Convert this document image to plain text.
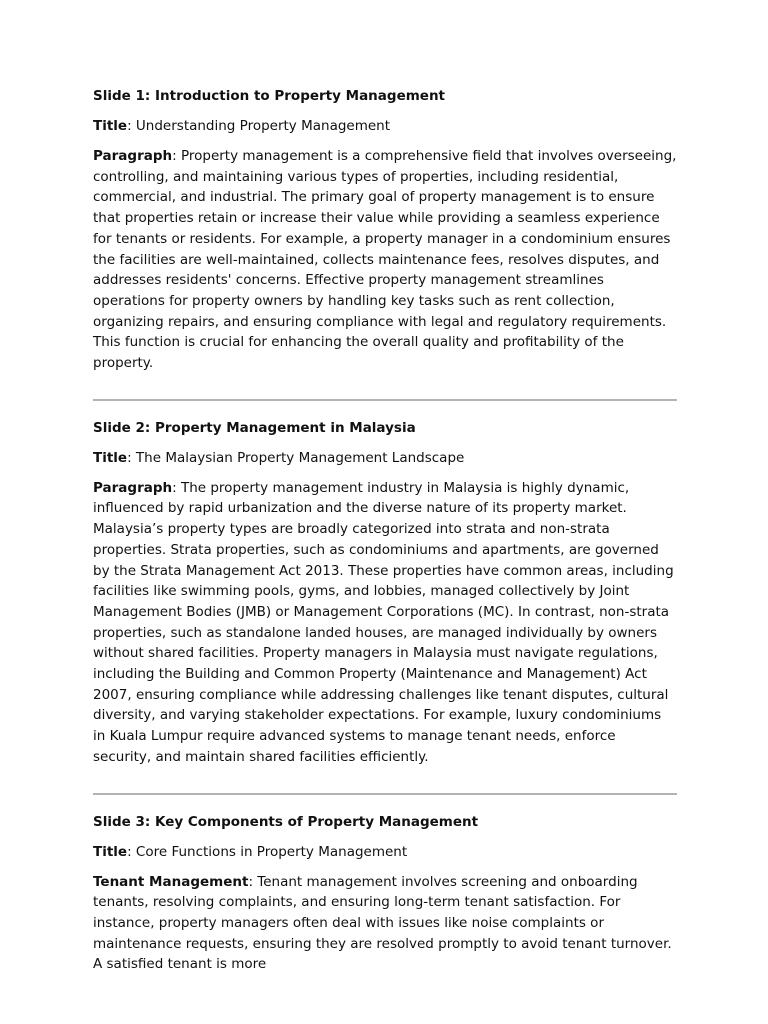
Slide 1: Introduction to Property Management

Title: Understanding Property Management

Paragraph: Property management is a comprehensive field that involves overseeing, controlling, and maintaining various types of properties, including residential, commercial, and industrial. The primary goal of property management is to ensure that properties retain or increase their value while providing a seamless experience for tenants or residents. For example, a property manager in a condominium ensures the facilities are well-maintained, collects maintenance fees, resolves disputes, and addresses residents' concerns. Effective property management streamlines operations for property owners by handling key tasks such as rent collection, organizing repairs, and ensuring compliance with legal and regulatory requirements. This function is crucial for enhancing the overall quality and profitability of the property.

Slide 2: Property Management in Malaysia

Title: The Malaysian Property Management Landscape

Paragraph: The property management industry in Malaysia is highly dynamic, influenced by rapid urbanization and the diverse nature of its property market. Malaysia’s property types are broadly categorized into strata and non-strata properties. Strata properties, such as condominiums and apartments, are governed by the Strata Management Act 2013. These properties have common areas, including facilities like swimming pools, gyms, and lobbies, managed collectively by Joint Management Bodies (JMB) or Management Corporations (MC). In contrast, non-strata properties, such as standalone landed houses, are managed individually by owners without shared facilities. Property managers in Malaysia must navigate regulations, including the Building and Common Property (Maintenance and Management) Act 2007, ensuring compliance while addressing challenges like tenant disputes, cultural diversity, and varying stakeholder expectations. For example, luxury condominiums in Kuala Lumpur require advanced systems to manage tenant needs, enforce security, and maintain shared facilities efficiently.

Slide 3: Key Components of Property Management

Title: Core Functions in Property Management

Tenant Management: Tenant management involves screening and onboarding tenants, resolving complaints, and ensuring long-term tenant satisfaction. For instance, property managers often deal with issues like noise complaints or maintenance requests, ensuring they are resolved promptly to avoid tenant turnover. A satisfied tenant is more
